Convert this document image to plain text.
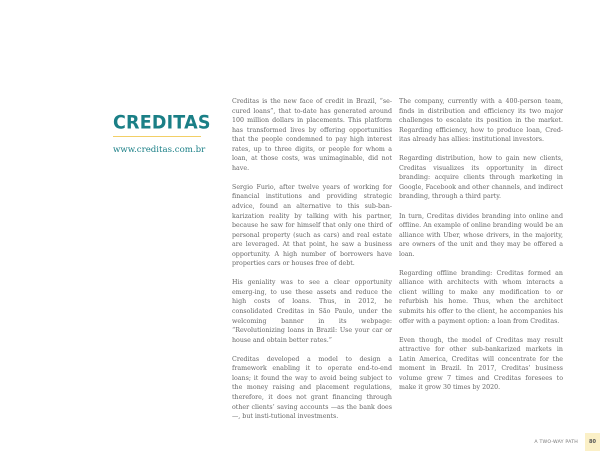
CREDITAS
www.creditas.com.br

Creditas is the new face of credit in Brazil, “se-cured loans”, that to-date has generated around 100 million dollars in placements. This platform has transformed lives by offering opportunities that the people condemned to pay high interest rates, up to three digits, or people for whom a loan, at those costs, was unimaginable, did not have.

Sergio Furio, after twelve years of working for financial institutions and providing strategic advice, found an alternative to this sub-ban-karization reality by talking with his partner, because he saw for himself that only one third of personal property (such as cars) and real estate are leveraged. At that point, he saw a business opportunity. A high number of borrowers have properties cars or houses free of debt.

His geniality was to see a clear opportunity emerg-ing, to use these assets and reduce the high costs of loans. Thus, in 2012, he consolidated Creditas in São Paulo, under the welcoming banner in its webpage: “Revolutionizing loans in Brazil: Use your car or house and obtain better rates.”

Creditas developed a model to design a framework enabling it to operate end-to-end loans; it found the way to avoid being subject to the money raising and placement regulations, therefore, it does not grant financing through other clients’ saving accounts —as the bank does—, but insti-tutional investments.

The company, currently with a 400-person team, finds in distribution and efficiency its two major challenges to escalate its position in the market. Regarding efficiency, how to produce loan, Cred-itas already has allies: institutional investors.

Regarding distribution, how to gain new clients, Creditas visualizes its opportunity in direct branding: acquire clients through marketing in Google, Facebook and other channels, and indirect branding, through a third party.

In turn, Creditas divides branding into online and offline. An example of online branding would be an alliance with Uber, whose drivers, in the majority, are owners of the unit and they may be offered a loan.

Regarding offline branding: Creditas formed an alliance with architects with whom interacts a client willing to make any modification to or refurbish his home. Thus, when the architect submits his offer to the client, he accompanies his offer with a payment option: a loan from Creditas.

Even though, the model of Creditas may result attractive for other sub-bankarized markets in Latin America, Creditas will concentrate for the moment in Brazil. In 2017, Creditas’ business volume grew 7 times and Creditas foresees to make it grow 30 times by 2020.

A TWO-WAY PATH	80
